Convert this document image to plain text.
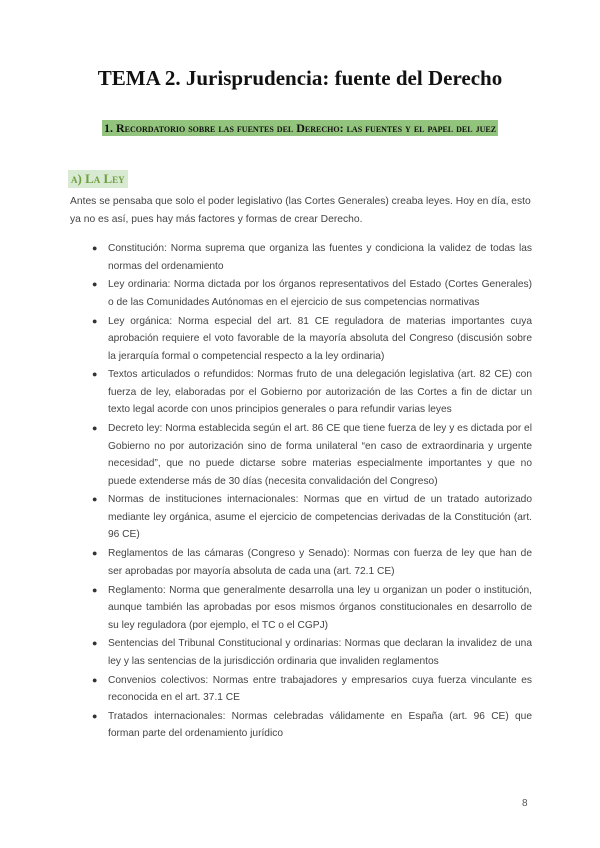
TEMA 2. Jurisprudencia: fuente del Derecho
1. Recordatorio sobre las fuentes del Derecho: las fuentes y el papel del juez
a) La Ley

Antes se pensaba que solo el poder legislativo (las Cortes Generales) creaba leyes. Hoy en día, esto ya no es así, pues hay más factores y formas de crear Derecho.

● Constitución: Norma suprema que organiza las fuentes y condiciona la validez de todas las normas del ordenamiento
● Ley ordinaria: Norma dictada por los órganos representativos del Estado (Cortes Generales) o de las Comunidades Autónomas en el ejercicio de sus competencias normativas
● Ley orgánica: Norma especial del art. 81 CE reguladora de materias importantes cuya aprobación requiere el voto favorable de la mayoría absoluta del Congreso (discusión sobre la jerarquía formal o competencial respecto a la ley ordinaria)
● Textos articulados o refundidos: Normas fruto de una delegación legislativa (art. 82 CE) con fuerza de ley, elaboradas por el Gobierno por autorización de las Cortes a fin de dictar un texto legal acorde con unos principios generales o para refundir varias leyes
● Decreto ley: Norma establecida según el art. 86 CE que tiene fuerza de ley y es dictada por el Gobierno no por autorización sino de forma unilateral “en caso de extraordinaria y urgente necesidad”, que no puede dictarse sobre materias especialmente importantes y que no puede extenderse más de 30 días (necesita convalidación del Congreso)
● Normas de instituciones internacionales: Normas que en virtud de un tratado autorizado mediante ley orgánica, asume el ejercicio de competencias derivadas de la Constitución (art. 96 CE)
● Reglamentos de las cámaras (Congreso y Senado): Normas con fuerza de ley que han de ser aprobadas por mayoría absoluta de cada una (art. 72.1 CE)
● Reglamento: Norma que generalmente desarrolla una ley u organizan un poder o institución, aunque también las aprobadas por esos mismos órganos constitucionales en desarrollo de su ley reguladora (por ejemplo, el TC o el CGPJ)
● Sentencias del Tribunal Constitucional y ordinarias: Normas que declaran la invalidez de una ley y las sentencias de la jurisdicción ordinaria que invaliden reglamentos
● Convenios colectivos: Normas entre trabajadores y empresarios cuya fuerza vinculante es reconocida en el art. 37.1 CE
● Tratados internacionales: Normas celebradas válidamente en España (art. 96 CE) que forman parte del ordenamiento jurídico
8
